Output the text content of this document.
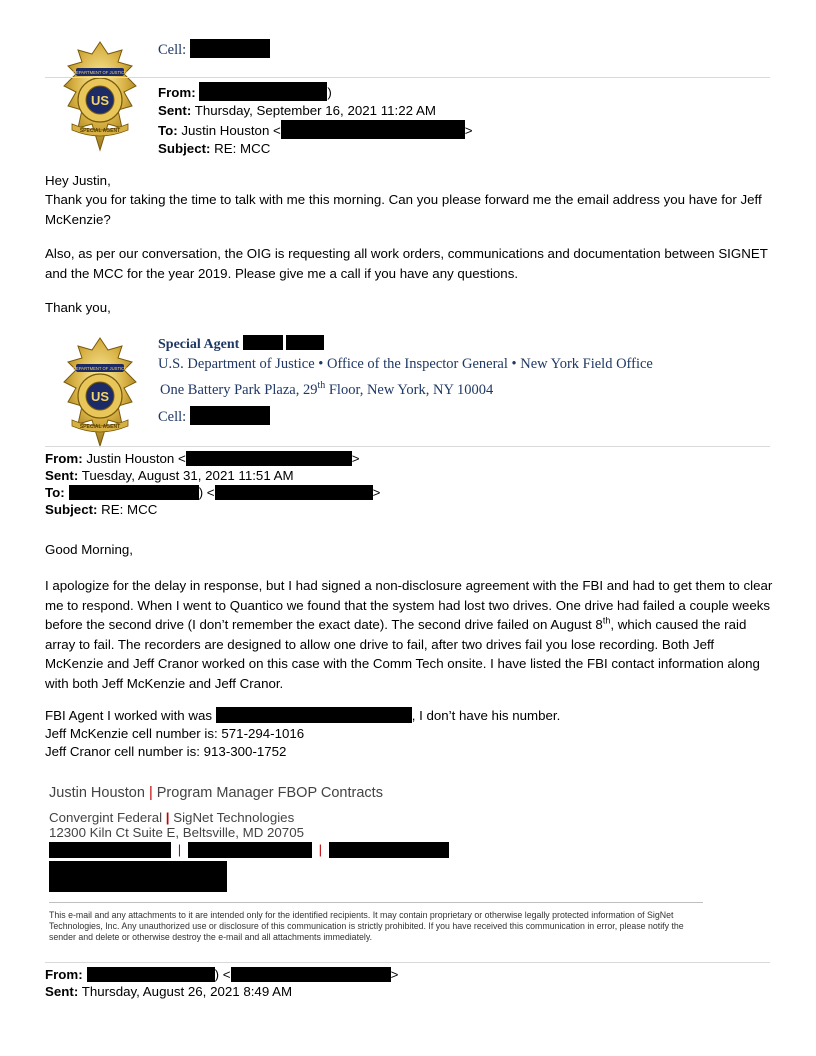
US
DEPARTMENT OF JUSTICE
SPECIAL AGENT
Cell:
From:	)
Sent: Thursday, September 16, 2021 11:22 AM
To: Justin Houston <	>
Subject: RE: MCC
Hey Justin,
Thank you for taking the time to talk with me this morning. Can you please forward me the email address you have for Jeff McKenzie?
Also, as per our conversation, the OIG is requesting all work orders, communications and documentation between SIGNET and the MCC for the year 2019. Please give me a call if you have any questions.
Thank you,
US
DEPARTMENT OF JUSTICE
SPECIAL AGENT
Special Agent
U.S. Department of Justice • Office of the Inspector General • New York Field Office
One Battery Park Plaza, 29th Floor, New York, NY 10004
Cell:
From: Justin Houston <	>
Sent: Tuesday, August 31, 2021 11:51 AM
To:	) <	>
Subject: RE: MCC
Good Morning,
I apologize for the delay in response, but I had signed a non-disclosure agreement with the FBI and had to get them to clear me to respond. When I went to Quantico we found that the system had lost two drives. One drive had failed a couple weeks before the second drive (I don’t remember the exact date). The second drive failed on August 8th, which caused the raid array to fail. The recorders are designed to allow one drive to fail, after two drives fail you lose recording. Both Jeff McKenzie and Jeff Cranor worked on this case with the Comm Tech onsite. I have listed the FBI contact information along with both Jeff McKenzie and Jeff Cranor.
FBI Agent I worked with was	, I don’t have his number.
Jeff McKenzie cell number is: 571-294-1016
Jeff Cranor cell number is: 913-300-1752
Justin Houston | Program Manager FBOP Contracts
Convergint Federal | SigNet Technologies
12300 Kiln Ct Suite E, Beltsville, MD 20705
|	|
This e-mail and any attachments to it are intended only for the identified recipients. It may contain proprietary or otherwise legally protected information of SigNet Technologies, Inc. Any unauthorized use or disclosure of this communication is strictly prohibited. If you have received this communication in error, please notify the sender and delete or otherwise destroy the e-mail and all attachments immediately.
From:	) <	>
Sent: Thursday, August 26, 2021 8:49 AM
